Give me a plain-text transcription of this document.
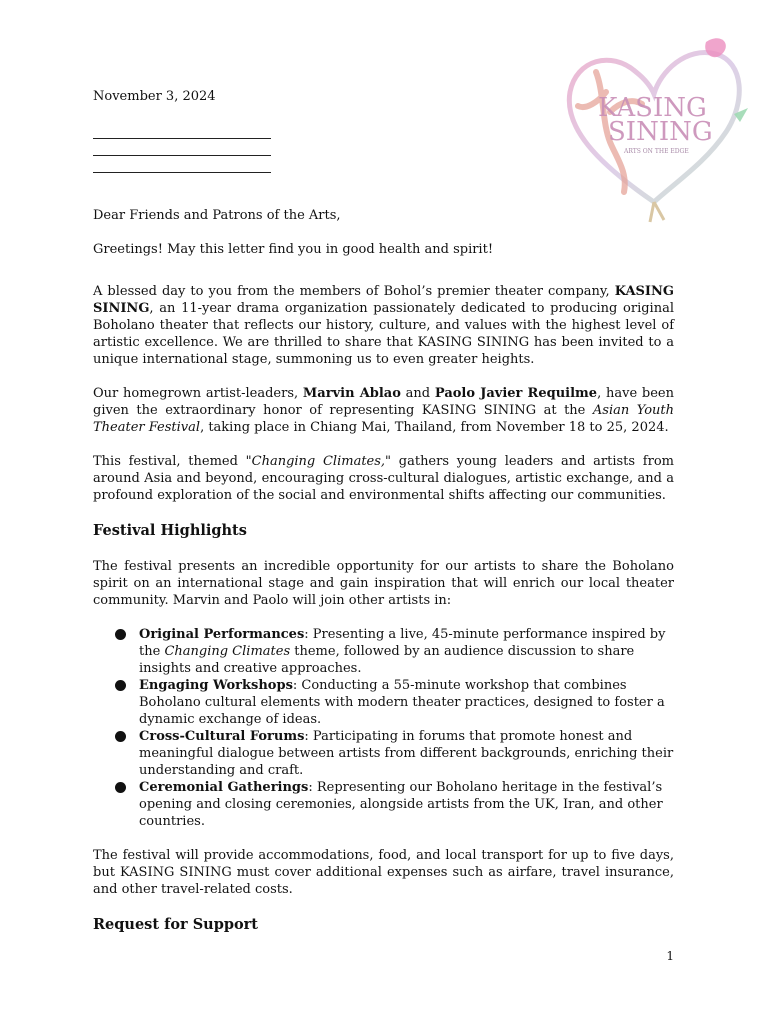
KASING
SINING
ARTS ON THE EDGE
November 3, 2024

Dear Friends and Patrons of the Arts,

Greetings! May this letter find you in good health and spirit!

A blessed day to you from the members of Bohol’s premier theater company, KASING SINING, an 11-year drama organization passionately dedicated to producing original Boholano theater that reflects our history, culture, and values with the highest level of artistic excellence. We are thrilled to share that KASING SINING has been invited to a unique international stage, summoning us to even greater heights.

Our homegrown artist-leaders, Marvin Ablao and Paolo Javier Requilme, have been given the extraordinary honor of representing KASING SINING at the Asian Youth Theater Festival, taking place in Chiang Mai, Thailand, from November 18 to 25, 2024.

This festival, themed "Changing Climates," gathers young leaders and artists from around Asia and beyond, encouraging cross-cultural dialogues, artistic exchange, and a profound exploration of the social and environmental shifts affecting our communities.

Festival Highlights

The festival presents an incredible opportunity for our artists to share the Boholano spirit on an international stage and gain inspiration that will enrich our local theater community. Marvin and Paolo will join other artists in:

Original Performances: Presenting a live, 45-minute performance inspired by the Changing Climates theme, followed by an audience discussion to share insights and creative approaches.
Engaging Workshops: Conducting a 55-minute workshop that combines Boholano cultural elements with modern theater practices, designed to foster a dynamic exchange of ideas.
Cross-Cultural Forums: Participating in forums that promote honest and meaningful dialogue between artists from different backgrounds, enriching their understanding and craft.
Ceremonial Gatherings: Representing our Boholano heritage in the festival’s opening and closing ceremonies, alongside artists from the UK, Iran, and other countries.

The festival will provide accommodations, food, and local transport for up to five days, but KASING SINING must cover additional expenses such as airfare, travel insurance, and other travel-related costs.

Request for Support
1
